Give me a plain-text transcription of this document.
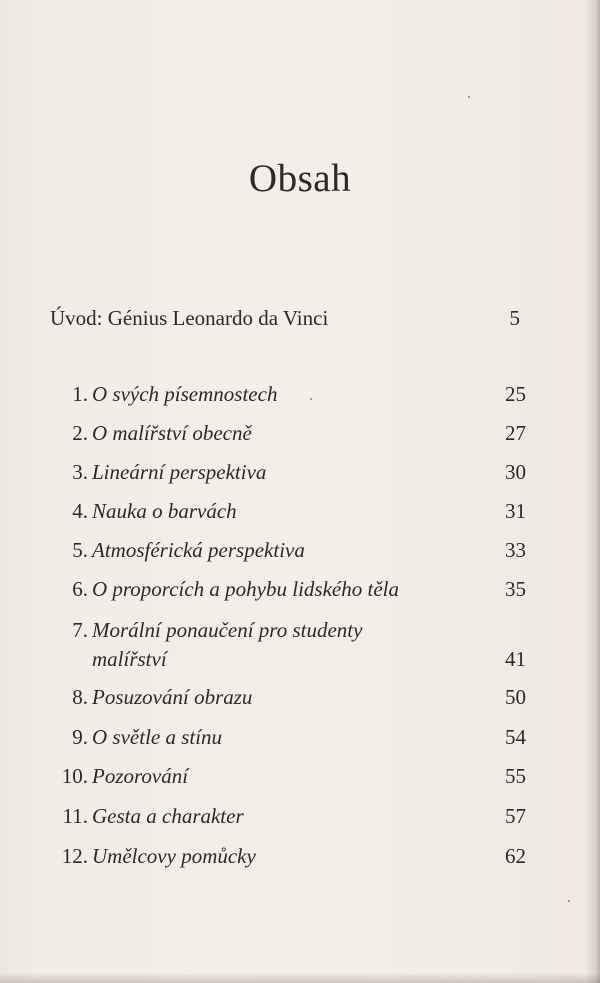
Obsah
Úvod: Génius Leonardo da Vinci	5
1. O svých písemnostech	25
2. O malířství obecně	27
3. Lineární perspektiva	30
4. Nauka o barvách	31
5. Atmosférická perspektiva	33
6. O proporcích a pohybu lidského těla	35
7. Morální ponaučení pro studenty
malířství	41
8. Posuzování obrazu	50
9. O světle a stínu	54
10. Pozorování	55
11. Gesta a charakter	57
12. Umělcovy pomůcky	62
